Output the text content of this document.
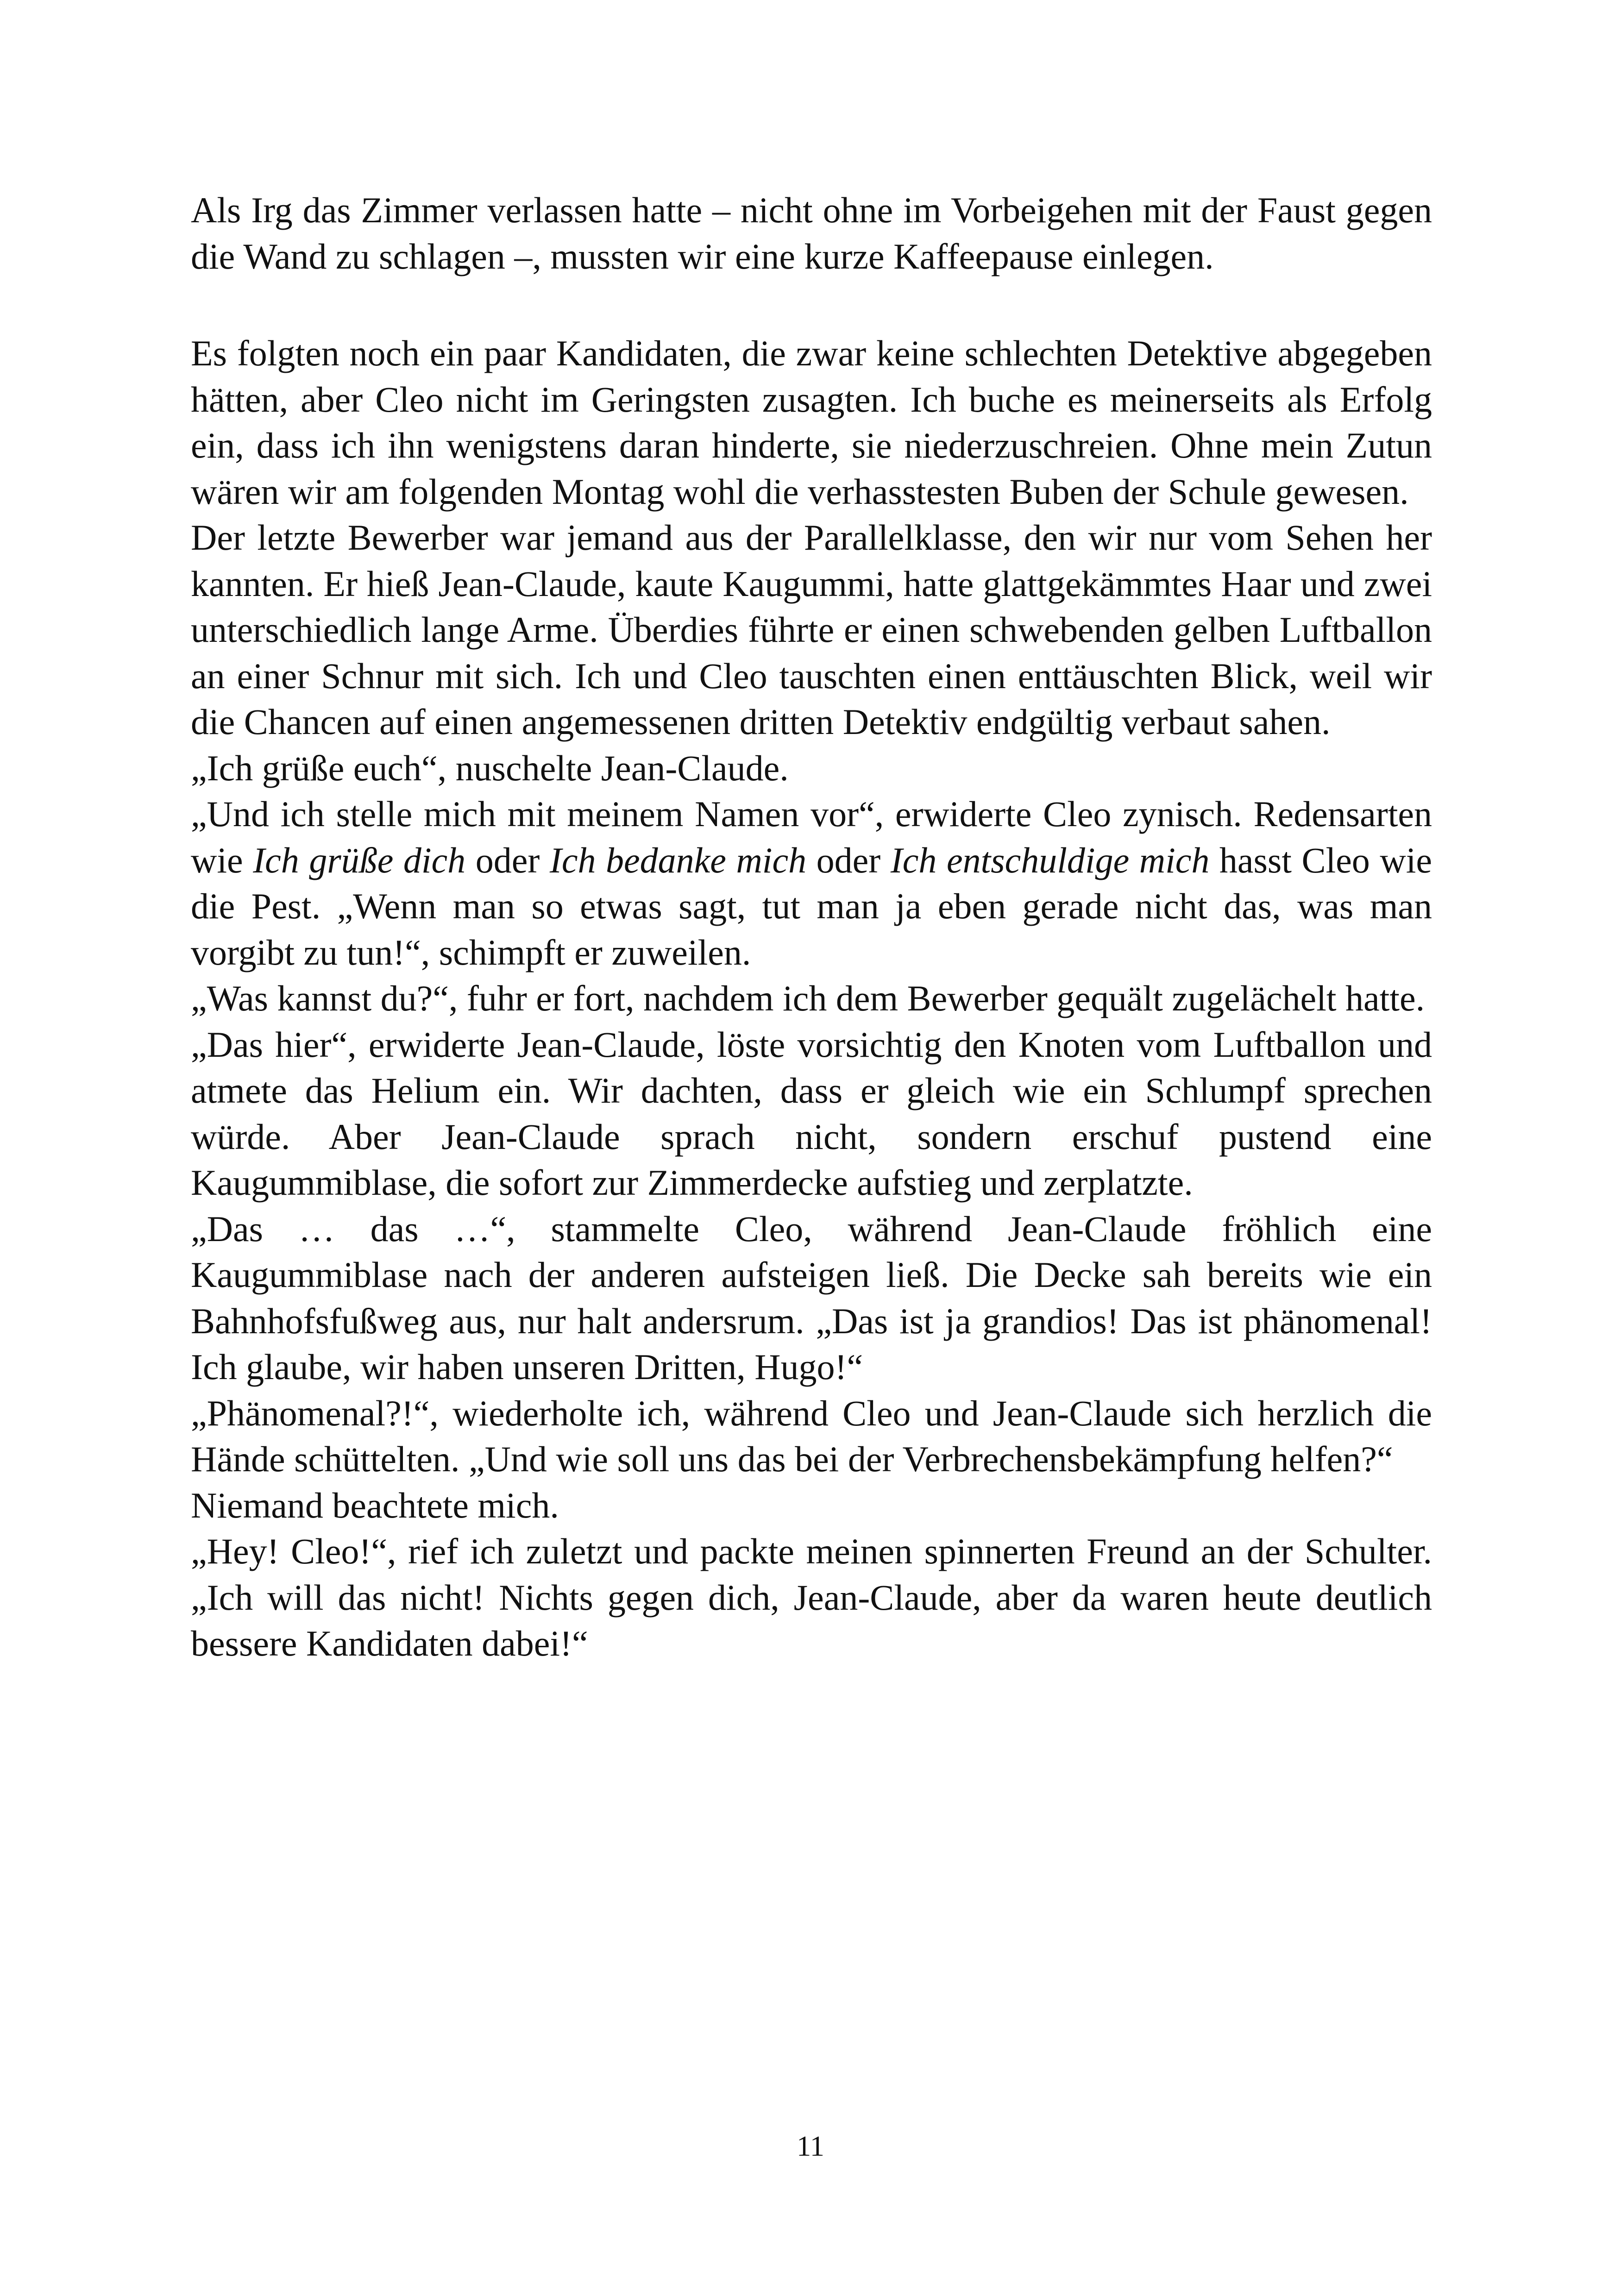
Als Irg das Zimmer verlassen hatte – nicht ohne im Vorbeigehen mit der Faust gegen die Wand zu schlagen –, mussten wir eine kurze Kaffeepause einlegen.

Es folgten noch ein paar Kandidaten, die zwar keine schlechten Detektive abgegeben hätten, aber Cleo nicht im Geringsten zusagten. Ich buche es meinerseits als Erfolg ein, dass ich ihn wenigstens daran hinderte, sie niederzuschreien. Ohne mein Zutun wären wir am folgenden Montag wohl die verhasstesten Buben der Schule gewesen.

Der letzte Bewerber war jemand aus der Parallelklasse, den wir nur vom Sehen her kannten. Er hieß Jean-Claude, kaute Kaugummi, hatte glattgekämmtes Haar und zwei unterschiedlich lange Arme. Überdies führte er einen schwebenden gelben Luftballon an einer Schnur mit sich. Ich und Cleo tauschten einen enttäuschten Blick, weil wir die Chancen auf einen angemessenen dritten Detektiv endgültig verbaut sahen.

„Ich grüße euch“, nuschelte Jean-Claude.

„Und ich stelle mich mit meinem Namen vor“, erwiderte Cleo zynisch. Redensarten wie Ich grüße dich oder Ich bedanke mich oder Ich entschuldige mich hasst Cleo wie die Pest. „Wenn man so etwas sagt, tut man ja eben gerade nicht das, was man vorgibt zu tun!“, schimpft er zuweilen.

„Was kannst du?“, fuhr er fort, nachdem ich dem Bewerber gequält zugelächelt hatte.

„Das hier“, erwiderte Jean-Claude, löste vorsichtig den Knoten vom Luftballon und atmete das Helium ein. Wir dachten, dass er gleich wie ein Schlumpf sprechen würde. Aber Jean-Claude sprach nicht, sondern erschuf pustend eine Kaugummiblase, die sofort zur Zimmerdecke aufstieg und zerplatzte.

„Das … das …“, stammelte Cleo, während Jean-Claude fröhlich eine Kaugummiblase nach der anderen aufsteigen ließ. Die Decke sah bereits wie ein Bahnhofsfußweg aus, nur halt andersrum. „Das ist ja grandios! Das ist phänomenal! Ich glaube, wir haben unseren Dritten, Hugo!“

„Phänomenal?!“, wiederholte ich, während Cleo und Jean-Claude sich herzlich die Hände schüttelten. „Und wie soll uns das bei der Verbrechensbekämpfung helfen?“

Niemand beachtete mich.

„Hey! Cleo!“, rief ich zuletzt und packte meinen spinnerten Freund an der Schulter. „Ich will das nicht! Nichts gegen dich, Jean-Claude, aber da waren heute deutlich bessere Kandidaten dabei!“

11
